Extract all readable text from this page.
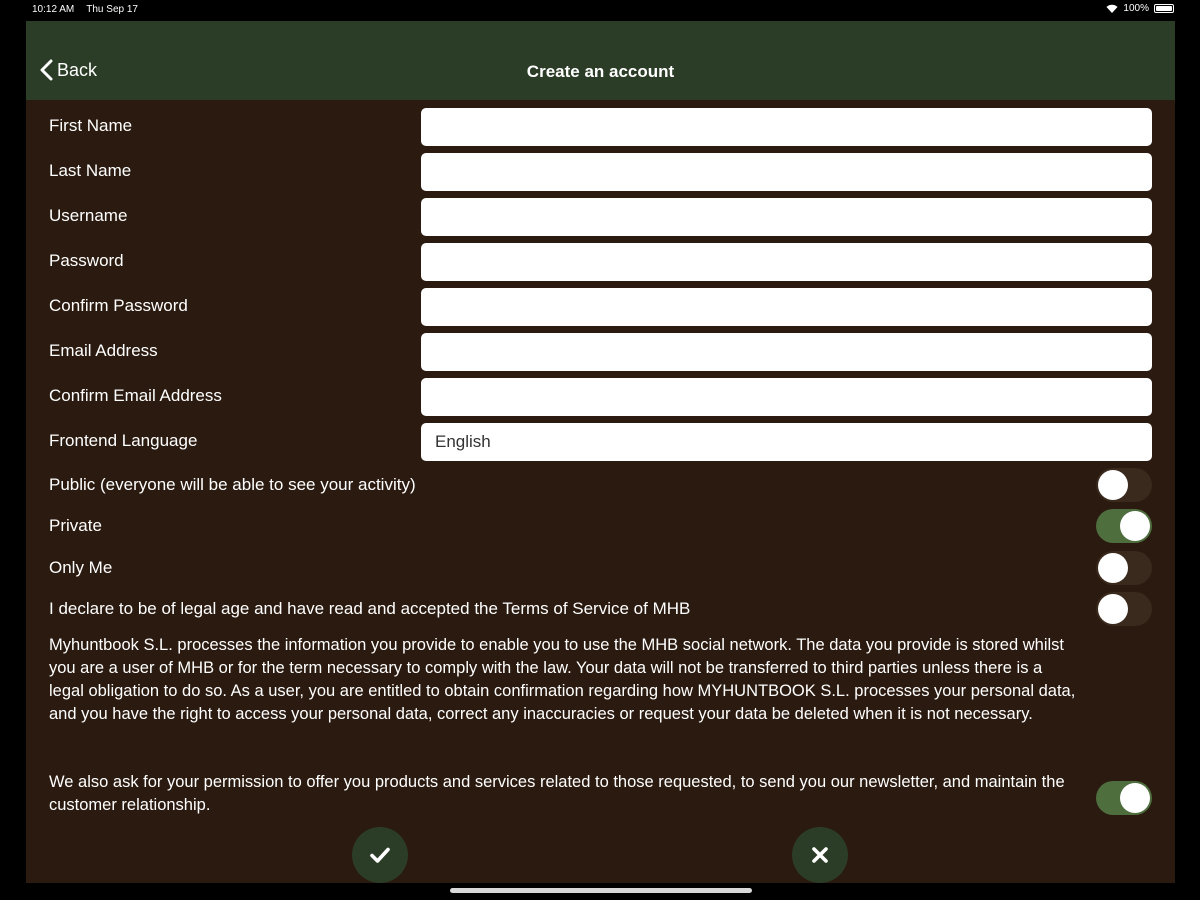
10:12 AM Thu Sep 17	100%
Back	Create an account
First Name
Last Name
Username
Password
Confirm Password
Email Address
Confirm Email Address
Frontend Language
English
Public (everyone will be able to see your activity)
Private
Only Me
I declare to be of legal age and have read and accepted the Terms of Service of MHB
Myhuntbook S.L. processes the information you provide to enable you to use the MHB social network. The data you provide is stored whilst you are a user of MHB or for the term necessary to comply with the law. Your data will not be transferred to third parties unless there is a legal obligation to do so. As a user, you are entitled to obtain confirmation regarding how MYHUNTBOOK S.L. processes your personal data, and you have the right to access your personal data, correct any inaccuracies or request your data be deleted when it is not necessary.
We also ask for your permission to offer you products and services related to those requested, to send you our newsletter, and maintain the customer relationship.
